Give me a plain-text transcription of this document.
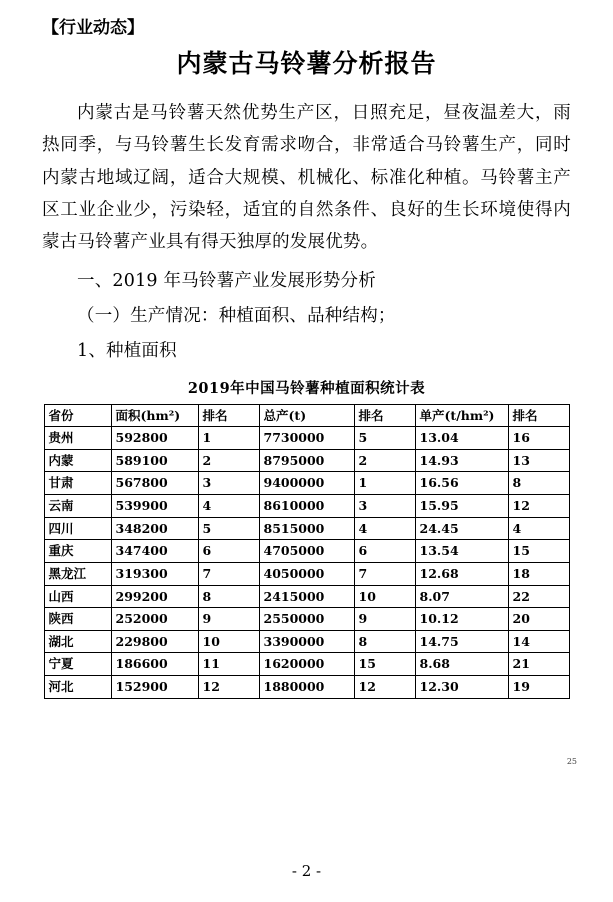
【行业动态】
内蒙古马铃薯分析报告

内蒙古是马铃薯天然优势生产区，日照充足，昼夜温差大，雨热同季，与马铃薯生长发育需求吻合，非常适合马铃薯生产，同时内蒙古地域辽阔，适合大规模、机械化、标准化种植。马铃薯主产区工业企业少，污染轻，适宜的自然条件、良好的生长环境使得内蒙古马铃薯产业具有得天独厚的发展优势。

一、2019 年马铃薯产业发展形势分析
（一）生产情况：种植面积、品种结构；
1、种植面积
2019年中国马铃薯种植面积统计表
省份	面积(hm²)	排名	总产(t)	排名	单产(t/hm²)	排名
贵州	592800	1	7730000	5	13.04	16
内蒙	589100	2	8795000	2	14.93	13
甘肃	567800	3	9400000	1	16.56	8
云南	539900	4	8610000	3	15.95	12
四川	348200	5	8515000	4	24.45	4
重庆	347400	6	4705000	6	13.54	15
黑龙江	319300	7	4050000	7	12.68	18
山西	299200	8	2415000	10	8.07	22
陕西	252000	9	2550000	9	10.12	20
湖北	229800	10	3390000	8	14.75	14
宁夏	186600	11	1620000	15	8.68	21
河北	152900	12	1880000	12	12.30	19
25
- 2 -
